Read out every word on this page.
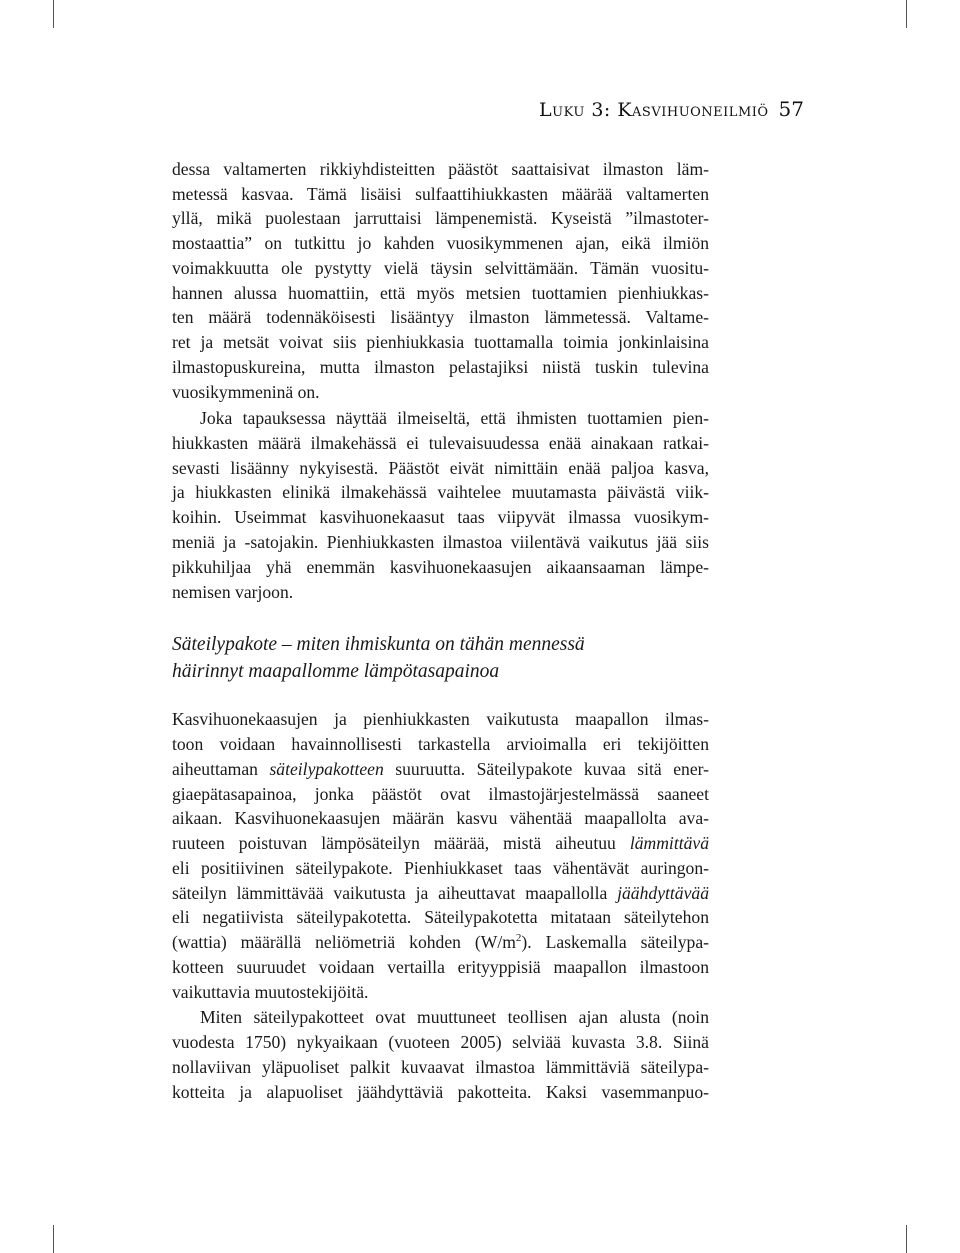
Luku 3: Kasvihuoneilmiö 57
dessa valtamerten rikkiyhdisteitten päästöt saattaisivat ilmaston läm-
metessä kasvaa. Tämä lisäisi sulfaattihiukkasten määrää valtamerten
yllä, mikä puolestaan jarruttaisi lämpenemistä. Kyseistä ”ilmastoter-
mostaattia” on tutkittu jo kahden vuosikymmenen ajan, eikä ilmiön
voimakkuutta ole pystytty vielä täysin selvittämään. Tämän vuositu-
hannen alussa huomattiin, että myös metsien tuottamien pienhiukkas-
ten määrä todennäköisesti lisääntyy ilmaston lämmetessä. Valtame-
ret ja metsät voivat siis pienhiukkasia tuottamalla toimia jonkinlaisina
ilmastopuskureina, mutta ilmaston pelastajiksi niistä tuskin tulevina
vuosikymmeninä on.
Joka tapauksessa näyttää ilmeiseltä, että ihmisten tuottamien pien-
hiukkasten määrä ilmakehässä ei tulevaisuudessa enää ainakaan ratkai-
sevasti lisäänny nykyisestä. Päästöt eivät nimittäin enää paljoa kasva,
ja hiukkasten elinikä ilmakehässä vaihtelee muutamasta päivästä viik-
koihin. Useimmat kasvihuonekaasut taas viipyvät ilmassa vuosikym-
meniä ja -satojakin. Pienhiukkasten ilmastoa viilentävä vaikutus jää siis
pikkuhiljaa yhä enemmän kasvihuonekaasujen aikaansaaman lämpe-
nemisen varjoon.
Säteilypakote – miten ihmiskunta on tähän mennessä
häirinnyt maapallomme lämpötasapainoa
Kasvihuonekaasujen ja pienhiukkasten vaikutusta maapallon ilmas-
toon voidaan havainnollisesti tarkastella arvioimalla eri tekijöitten
aiheuttaman säteilypakotteen suuruutta. Säteilypakote kuvaa sitä ener-
giaepätasapainoa, jonka päästöt ovat ilmastojärjestelmässä saaneet
aikaan. Kasvihuonekaasujen määrän kasvu vähentää maapallolta ava-
ruuteen poistuvan lämpösäteilyn määrää, mistä aiheutuu lämmittävä
eli positiivinen säteilypakote. Pienhiukkaset taas vähentävät auringon-
säteilyn lämmittävää vaikutusta ja aiheuttavat maapallolla jäähdyttävää
eli negatiivista säteilypakotetta. Säteilypakotetta mitataan säteilytehon
(wattia) määrällä neliömetriä kohden $(W/m^2)$. Laskemalla säteilypa-
kotteen suuruudet voidaan vertailla erityyppisiä maapallon ilmastoon
vaikuttavia muutostekijöitä.
Miten säteilypakotteet ovat muuttuneet teollisen ajan alusta (noin
vuodesta 1750) nykyaikaan (vuoteen 2005) selviää kuvasta 3.8. Siinä
nollaviivan yläpuoliset palkit kuvaavat ilmastoa lämmittäviä säteilypa-
kotteita ja alapuoliset jäähdyttäviä pakotteita. Kaksi vasemmanpuo-
